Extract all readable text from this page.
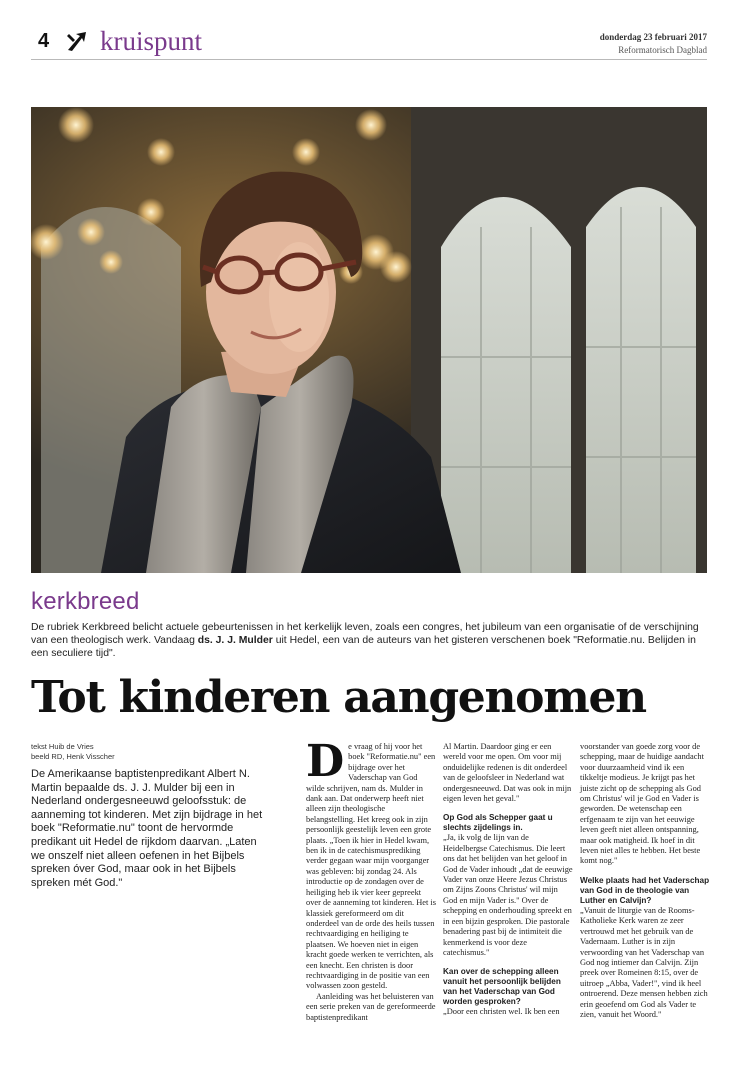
4 kruispunt	donderdag 23 februari 2017
Reformatorisch Dagblad
kerkbreed
De rubriek Kerkbreed belicht actuele gebeurtenissen in het kerkelijk leven, zoals een congres, het jubileum van een organisatie of de verschijning van een theologisch werk. Vandaag ds. J. J. Mulder uit Hedel, een van de auteurs van het gisteren verschenen boek "Reformatie.nu. Belijden in een seculiere tijd".
Tot kinderen aangenomen
tekst Huib de Vries
beeld RD, Henk Visscher
De Amerikaanse baptistenpredikant Albert N. Martin bepaalde ds. J. J. Mulder bij een in Nederland ondergesneeuwd geloofsstuk: de aanneming tot kinderen. Met zijn bijdrage in het boek "Reformatie.nu" toont de hervormde predikant uit Hedel de rijkdom daarvan. „Laten we onszelf niet alleen oefenen in het Bijbels spreken óver God, maar ook in het Bijbels spreken mét God."
D e vraag of hij voor het boek "Reformatie.nu" een bijdrage over het Vaderschap van God wilde schrijven, nam ds. Mulder in dank aan. Dat onderwerp heeft niet alleen zijn theologische belangstelling. Het kreeg ook in zijn persoonlijk geestelijk leven een grote plaats. „Toen ik hier in Hedel kwam, ben ik in de catechismusprediking verder gegaan waar mijn voorganger was gebleven: bij zondag 24. Als introductie op de zondagen over de heiliging heb ik vier keer gepreekt over de aanneming tot kinderen. Het is klassiek gereformeerd om dit onderdeel van de orde des heils tussen rechtvaardiging en heiliging te plaatsen. We hoeven niet in eigen kracht goede werken te verrichten, als een knecht. Een christen is door rechtvaardiging in de positie van een volwassen zoon gesteld.

Aanleiding was het beluisteren van een serie preken van de gereformeerde baptistenpredikant

Al Martin. Daardoor ging er een wereld voor me open. Om voor mij onduidelijke redenen is dit onderdeel van de geloofsleer in Nederland wat ondergesneeuwd. Dat was ook in mijn eigen leven het geval."

Op God als Schepper gaat u slechts zijdelings in.

„Ja, ik volg de lijn van de Heidelbergse Catechismus. Die leert ons dat het belijden van het geloof in God de Vader inhoudt „dat de eeuwige Vader van onze Heere Jezus Christus om Zijns Zoons Christus' wil mijn God en mijn Vader is." Over de schepping en onderhouding spreekt en in een bijzin gesproken. Die pastorale benadering past bij de intimiteit die kenmerkend is voor deze catechismus."

Kan over de schepping alleen vanuit het persoonlijk belijden van het Vaderschap van God worden gesproken?

„Door een christen wel. Ik ben een

voorstander van goede zorg voor de schepping, maar de huidige aandacht voor duurzaamheid vind ik een tikkeltje modieus. Je krijgt pas het juiste zicht op de schepping als God om Christus' wil je God en Vader is geworden. De wetenschap een erfgenaam te zijn van het eeuwige leven geeft niet alleen ontspanning, maar ook matigheid. Ik hoef in dit leven niet alles te hebben. Het beste komt nog."

Welke plaats had het Vaderschap van God in de theologie van Luther en Calvijn?

„Vanuit de liturgie van de Rooms-Katholieke Kerk waren ze zeer vertrouwd met het gebruik van de Vadernaam. Luther is in zijn verwoording van het Vaderschap van God nog intiemer dan Calvijn. Zijn preek over Romeinen 8:15, over de uitroep „Abba, Vader!", vind ik heel ontroerend. Deze mensen hebben zich erin geoefend om God als Vader te zien, vanuit het Woord."
